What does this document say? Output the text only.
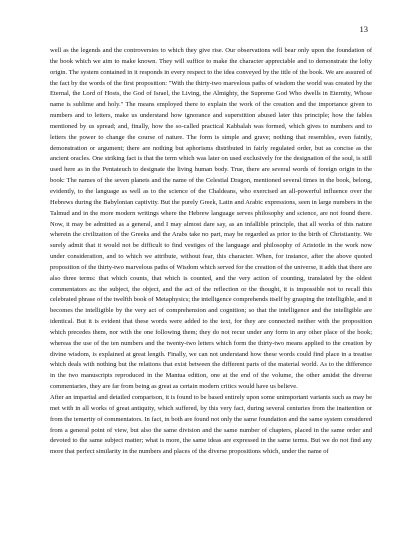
13

well as the legends and the controversies to which they give rise. Our observations will bear only upon the foundation of the book which we aim to make known. They will suffice to make the character appreciable and to demonstrate the lofty origin. The system contained in it responds in every respect to the idea conveyed by the title of the book. We are assured of the fact by the words of the first proposition: "With the thirty-two marvelous paths of wisdom the world was created by the Eternal, the Lord of Hosts, the God of Israel, the Living, the Almighty, the Supreme God Who dwells in Eternity, Whose name is sublime and holy." The means employed there to explain the work of the creation and the importance given to numbers and to letters, make us understand how ignorance and superstition abused later this principle; how the fables mentioned by us spread; and, finally, how the so-called practical Kabbalah was formed, which gives to numbers and to letters the power to change the course of nature. The form is simple and grave; nothing that resembles, even faintly, demonstration or argument; there are nothing but aphorisms distributed in fairly regulated order, but as concise as the ancient oracles. One striking fact is that the term which was later on used exclusively for the designation of the soul, is still used here as in the Pentateuch to designate the living human body. True, there are several words of foreign origin in the book: The names of the seven planets and the name of the Celestial Dragon, mentioned several times in the book, belong, evidently, to the language as well as to the science of the Chaldeans, who exercised an all-powerful influence over the Hebrews during the Babylonian captivity. But the purely Greek, Latin and Arabic expressions, seen in large numbers in the Talmud and in the more modern writings where the Hebrew language serves philosophy and science, are not found there. Now, it may be admitted as a general, and I may almost dare say, as an infallible principle, that all works of this nature wherein the civilization of the Greeks and the Arabs take no part, may be regarded as prior to the birth of Christianity. We surely admit that it would not be difficult to find vestiges of the language and philosophy of Aristotle in the work now under consideration, and to which we attribute, without fear, this character. When, for instance, after the above quoted proposition of the thirty-two marvelous paths of Wisdom which served for the creation of the universe, it adds that there are also three terms: that which counts, that which is counted, and the very action of counting, translated by the oldest commentators as: the subject, the object, and the act of the reflection or the thought, it is impossible not to recall this celebrated phrase of the twelfth book of Metaphysics; the intelligence comprehends itself by grasping the intelligible, and it becomes the intelligible by the very act of comprehension and cognition; so that the intelligence and the intelligible are identical. But it is evident that these words were added to the text, for they are connected neither with the proposition which precedes them, nor with the one following them; they do not recur under any form in any other place of the book; whereas the use of the ten numbers and the twenty-two letters which form the thirty-two means applied to the creation by divine wisdom, is explained at great length. Finally, we can not understand how these words could find place in a treatise which deals with nothing but the relations that exist between the different parts of the material world. As to the difference in the two manuscripts reproduced in the Mantua edition, one at the end of the volume, the other amidst the diverse commentaries, they are far from being as great as certain modern critics would have us believe.

After an impartial and detailed comparison, it is found to be based entirely upon some unimportant variants such as may be met with in all works of great antiquity, which suffered, by this very fact, during several centuries from the inattention or from the temerity of commentators. In fact, in both are found not only the same foundation and the same system considered from a general point of view, but also the same division and the same number of chapters, placed in the same order and devoted to the same subject matter; what is more, the same ideas are expressed in the same terms. But we do not find any more that perfect similarity in the numbers and places of the diverse propositions which, under the name of
